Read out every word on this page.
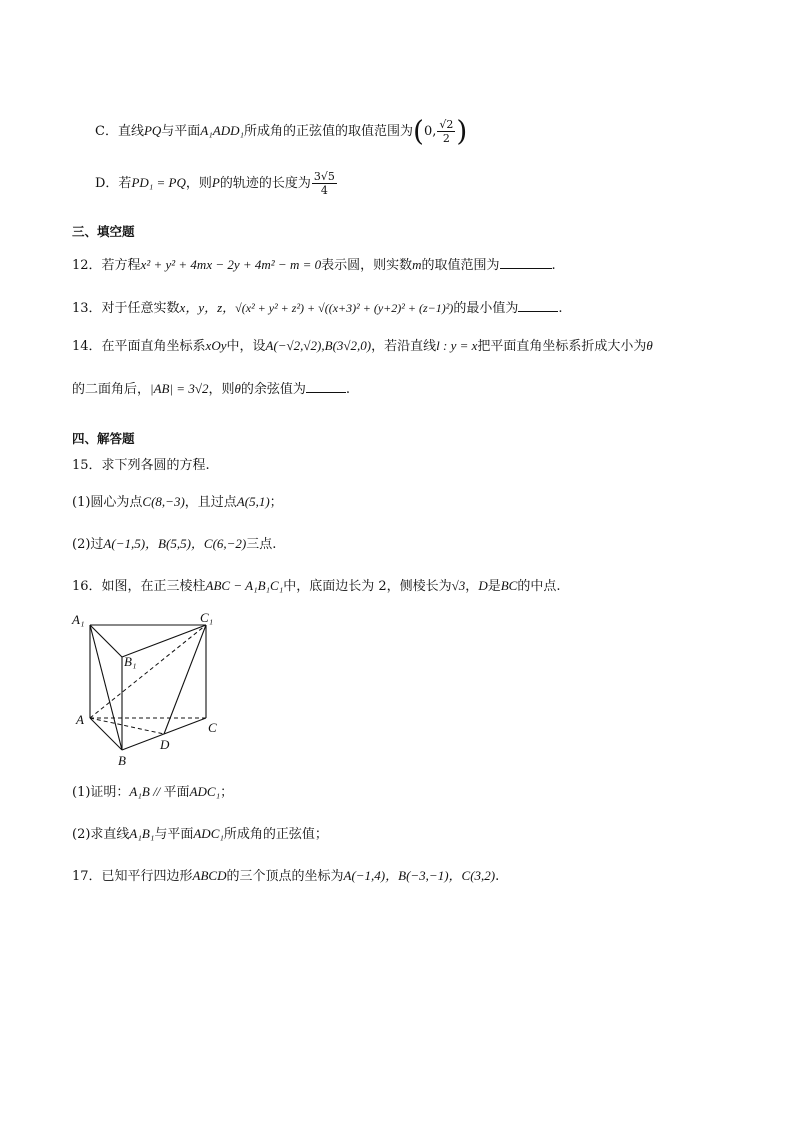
C．直线PQ与平面A₁ADD₁所成角的正弦值的取值范围为(0, $\frac{√2}{2}$ )
D．若PD₁ = PQ，则P的轨迹的长度为 $\frac{3√5}{4}$
三、填空题
12．若方程x² + y² + 4mx − 2y + 4m² − m = 0表示圆，则实数m的取值范围为	.
13．对于任意实数x，y，z，√(x² + y² + z²) + √((x+3)² + (y+2)² + (z−1)²)的最小值为	.
14．在平面直角坐标系xOy中，设A(−√2,√2),B(3√2,0)，若沿直线l : y = x把平面直角坐标系折成大小为θ
的二面角后，|AB| = 3√2，则θ的余弦值为	.
四、解答题
15．求下列各圆的方程.
(1)圆心为点C(8,−3)，且过点A(5,1)；
(2)过A(−1,5)，B(5,5)，C(6,−2)三点.
16．如图，在正三棱柱ABC − A₁B₁C₁中，底面边长为 2，侧棱长为√3，D是BC的中点.
A₁	C₁
B₁
A
B
C
D
(1)证明：A₁B // 平面ADC₁；
(2)求直线A₁B₁与平面ADC₁所成角的正弦值；
17．已知平行四边形ABCD的三个顶点的坐标为A(−1,4)，B(−3,−1)，C(3,2).
